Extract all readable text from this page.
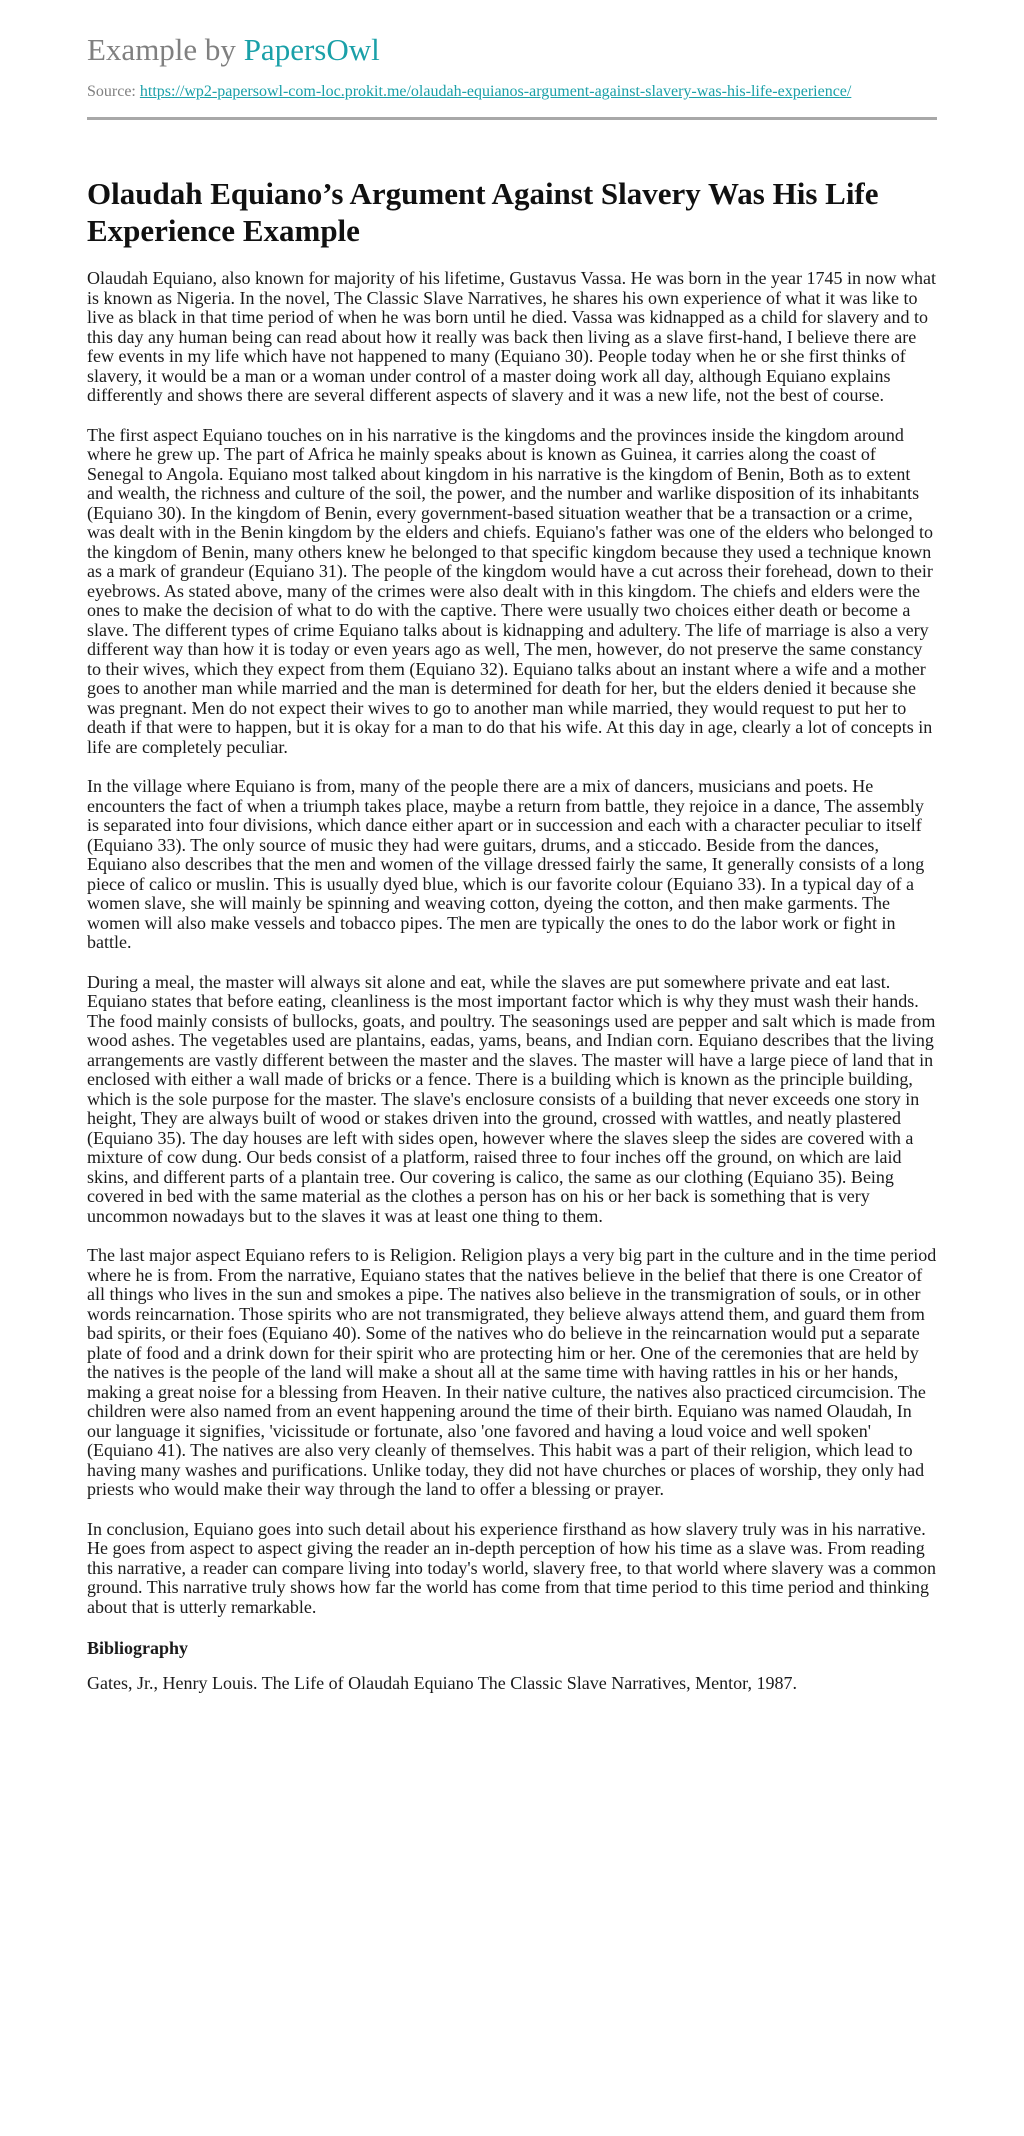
Example by PapersOwl
Source: https://wp2-papersowl-com-loc.prokit.me/olaudah-equianos-argument-against-slavery-was-his-life-experience/
Olaudah Equiano’s Argument Against Slavery Was His Life Experience Example

Olaudah Equiano, also known for majority of his lifetime, Gustavus Vassa. He was born in the year 1745 in now what is known as Nigeria. In the novel, The Classic Slave Narratives, he shares his own experience of what it was like to live as black in that time period of when he was born until he died. Vassa was kidnapped as a child for slavery and to this day any human being can read about how it really was back then living as a slave first-hand, I believe there are few events in my life which have not happened to many (Equiano 30). People today when he or she first thinks of slavery, it would be a man or a woman under control of a master doing work all day, although Equiano explains differently and shows there are several different aspects of slavery and it was a new life, not the best of course.

The first aspect Equiano touches on in his narrative is the kingdoms and the provinces inside the kingdom around where he grew up. The part of Africa he mainly speaks about is known as Guinea, it carries along the coast of Senegal to Angola. Equiano most talked about kingdom in his narrative is the kingdom of Benin, Both as to extent and wealth, the richness and culture of the soil, the power, and the number and warlike disposition of its inhabitants (Equiano 30). In the kingdom of Benin, every government-based situation weather that be a transaction or a crime, was dealt with in the Benin kingdom by the elders and chiefs. Equiano's father was one of the elders who belonged to the kingdom of Benin, many others knew he belonged to that specific kingdom because they used a technique known as a mark of grandeur (Equiano 31). The people of the kingdom would have a cut across their forehead, down to their eyebrows. As stated above, many of the crimes were also dealt with in this kingdom. The chiefs and elders were the ones to make the decision of what to do with the captive. There were usually two choices either death or become a slave. The different types of crime Equiano talks about is kidnapping and adultery. The life of marriage is also a very different way than how it is today or even years ago as well, The men, however, do not preserve the same constancy to their wives, which they expect from them (Equiano 32). Equiano talks about an instant where a wife and a mother goes to another man while married and the man is determined for death for her, but the elders denied it because she was pregnant. Men do not expect their wives to go to another man while married, they would request to put her to death if that were to happen, but it is okay for a man to do that his wife. At this day in age, clearly a lot of concepts in life are completely peculiar.

In the village where Equiano is from, many of the people there are a mix of dancers, musicians and poets. He encounters the fact of when a triumph takes place, maybe a return from battle, they rejoice in a dance, The assembly is separated into four divisions, which dance either apart or in succession and each with a character peculiar to itself (Equiano 33). The only source of music they had were guitars, drums, and a sticcado. Beside from the dances, Equiano also describes that the men and women of the village dressed fairly the same, It generally consists of a long piece of calico or muslin. This is usually dyed blue, which is our favorite colour (Equiano 33). In a typical day of a women slave, she will mainly be spinning and weaving cotton, dyeing the cotton, and then make garments. The women will also make vessels and tobacco pipes. The men are typically the ones to do the labor work or fight in battle.

During a meal, the master will always sit alone and eat, while the slaves are put somewhere private and eat last. Equiano states that before eating, cleanliness is the most important factor which is why they must wash their hands. The food mainly consists of bullocks, goats, and poultry. The seasonings used are pepper and salt which is made from wood ashes. The vegetables used are plantains, eadas, yams, beans, and Indian corn. Equiano describes that the living arrangements are vastly different between the master and the slaves. The master will have a large piece of land that in enclosed with either a wall made of bricks or a fence. There is a building which is known as the principle building, which is the sole purpose for the master. The slave's enclosure consists of a building that never exceeds one story in height, They are always built of wood or stakes driven into the ground, crossed with wattles, and neatly plastered (Equiano 35). The day houses are left with sides open, however where the slaves sleep the sides are covered with a mixture of cow dung. Our beds consist of a platform, raised three to four inches off the ground, on which are laid skins, and different parts of a plantain tree. Our covering is calico, the same as our clothing (Equiano 35). Being covered in bed with the same material as the clothes a person has on his or her back is something that is very uncommon nowadays but to the slaves it was at least one thing to them.

The last major aspect Equiano refers to is Religion. Religion plays a very big part in the culture and in the time period where he is from. From the narrative, Equiano states that the natives believe in the belief that there is one Creator of all things who lives in the sun and smokes a pipe. The natives also believe in the transmigration of souls, or in other words reincarnation. Those spirits who are not transmigrated, they believe always attend them, and guard them from bad spirits, or their foes (Equiano 40). Some of the natives who do believe in the reincarnation would put a separate plate of food and a drink down for their spirit who are protecting him or her. One of the ceremonies that are held by the natives is the people of the land will make a shout all at the same time with having rattles in his or her hands, making a great noise for a blessing from Heaven. In their native culture, the natives also practiced circumcision. The children were also named from an event happening around the time of their birth. Equiano was named Olaudah, In our language it signifies, 'vicissitude or fortunate, also 'one favored and having a loud voice and well spoken' (Equiano 41). The natives are also very cleanly of themselves. This habit was a part of their religion, which lead to having many washes and purifications. Unlike today, they did not have churches or places of worship, they only had priests who would make their way through the land to offer a blessing or prayer.

In conclusion, Equiano goes into such detail about his experience firsthand as how slavery truly was in his narrative. He goes from aspect to aspect giving the reader an in-depth perception of how his time as a slave was. From reading this narrative, a reader can compare living into today's world, slavery free, to that world where slavery was a common ground. This narrative truly shows how far the world has come from that time period to this time period and thinking about that is utterly remarkable.

Bibliography

Gates, Jr., Henry Louis. The Life of Olaudah Equiano The Classic Slave Narratives, Mentor, 1987.
